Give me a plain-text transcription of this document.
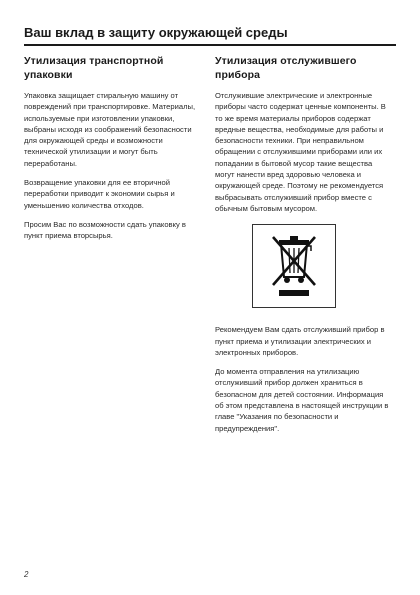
Ваш вклад в защиту окружающей среды
Утилизация транспортной упаковки

Упаковка защищает стиральную машину от повреждений при транспортировке. Материалы, используемые при изготовлении упаковки, выбраны исходя из соображений безопасности для окружающей среды и возможности технической утилизации и могут быть переработаны.

Возвращение упаковки для ее вторичной переработки приводит к экономии сырья и уменьшению количества отходов.

Просим Вас по возможности сдать упаковку в пункт приема вторсырья.

Утилизация отслужившего прибора

Отслужившие электрические и электронные приборы часто содержат ценные компоненты. В то же время материалы приборов содержат вредные вещества, необходимые для работы и безопасности техники. При неправильном обращении с отслужившими приборами или их попадании в бытовой мусор такие вещества могут нанести вред здоровью человека и окружающей среде. Поэтому не рекомендуется выбрасывать отслуживший прибор вместе с обычным бытовым мусором.

Рекомендуем Вам сдать отслуживший прибор в пункт приема и утилизации электрических и электронных приборов.

До момента отправления на утилизацию отслуживший прибор должен храниться в безопасном для детей состоянии. Информация об этом представлена в настоящей инструкции в главе "Указания по безопасности и предупреждения".

2
